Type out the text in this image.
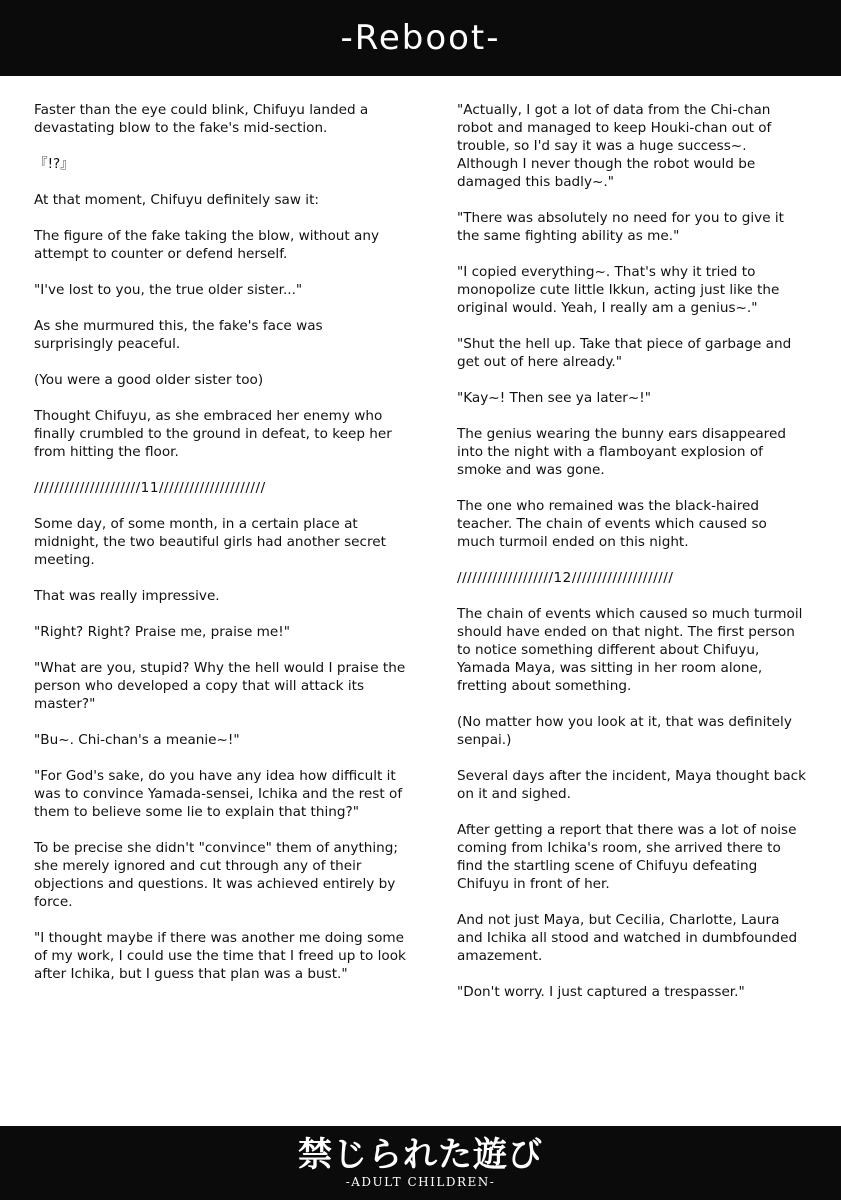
-Reboot-

Faster than the eye could blink, Chifuyu landed a devastating blow to the fake's mid-section.

『!?』

At that moment, Chifuyu definitely saw it:

The figure of the fake taking the blow, without any attempt to counter or defend herself.

"I've lost to you, the true older sister..."

As she murmured this, the fake's face was surprisingly peaceful.

(You were a good older sister too)

Thought Chifuyu, as she embraced her enemy who finally crumbled to the ground in defeat, to keep her from hitting the floor.

/////////////////////11/////////////////////

Some day, of some month, in a certain place at midnight, the two beautiful girls had another secret meeting.

That was really impressive.

"Right? Right? Praise me, praise me!"

"What are you, stupid? Why the hell would I praise the person who developed a copy that will attack its master?"

"Bu~. Chi-chan's a meanie~!"

"For God's sake, do you have any idea how difficult it was to convince Yamada-sensei, Ichika and the rest of them to believe some lie to explain that thing?"

To be precise she didn't "convince" them of anything; she merely ignored and cut through any of their objections and questions. It was achieved entirely by force.

"I thought maybe if there was another me doing some of my work, I could use the time that I freed up to look after Ichika, but I guess that plan was a bust."

"Actually, I got a lot of data from the Chi-chan robot and managed to keep Houki-chan out of trouble, so I'd say it was a huge success~. Although I never though the robot would be damaged this badly~."

"There was absolutely no need for you to give it the same fighting ability as me."

"I copied everything~. That's why it tried to monopolize cute little Ikkun, acting just like the original would. Yeah, I really am a genius~."

"Shut the hell up. Take that piece of garbage and get out of here already."

"Kay~! Then see ya later~!"

The genius wearing the bunny ears disappeared into the night with a flamboyant explosion of smoke and was gone.

The one who remained was the black-haired teacher. The chain of events which caused so much turmoil ended on this night.

///////////////////12////////////////////

The chain of events which caused so much turmoil should have ended on that night. The first person to notice something different about Chifuyu, Yamada Maya, was sitting in her room alone, fretting about something.

(No matter how you look at it, that was definitely senpai.)

Several days after the incident, Maya thought back on it and sighed.

After getting a report that there was a lot of noise coming from Ichika's room, she arrived there to find the startling scene of Chifuyu defeating Chifuyu in front of her.

And not just Maya, but Cecilia, Charlotte, Laura and Ichika all stood and watched in dumbfounded amazement.

"Don't worry. I just captured a trespasser."

禁じられた遊び
-ADULT CHILDREN-
